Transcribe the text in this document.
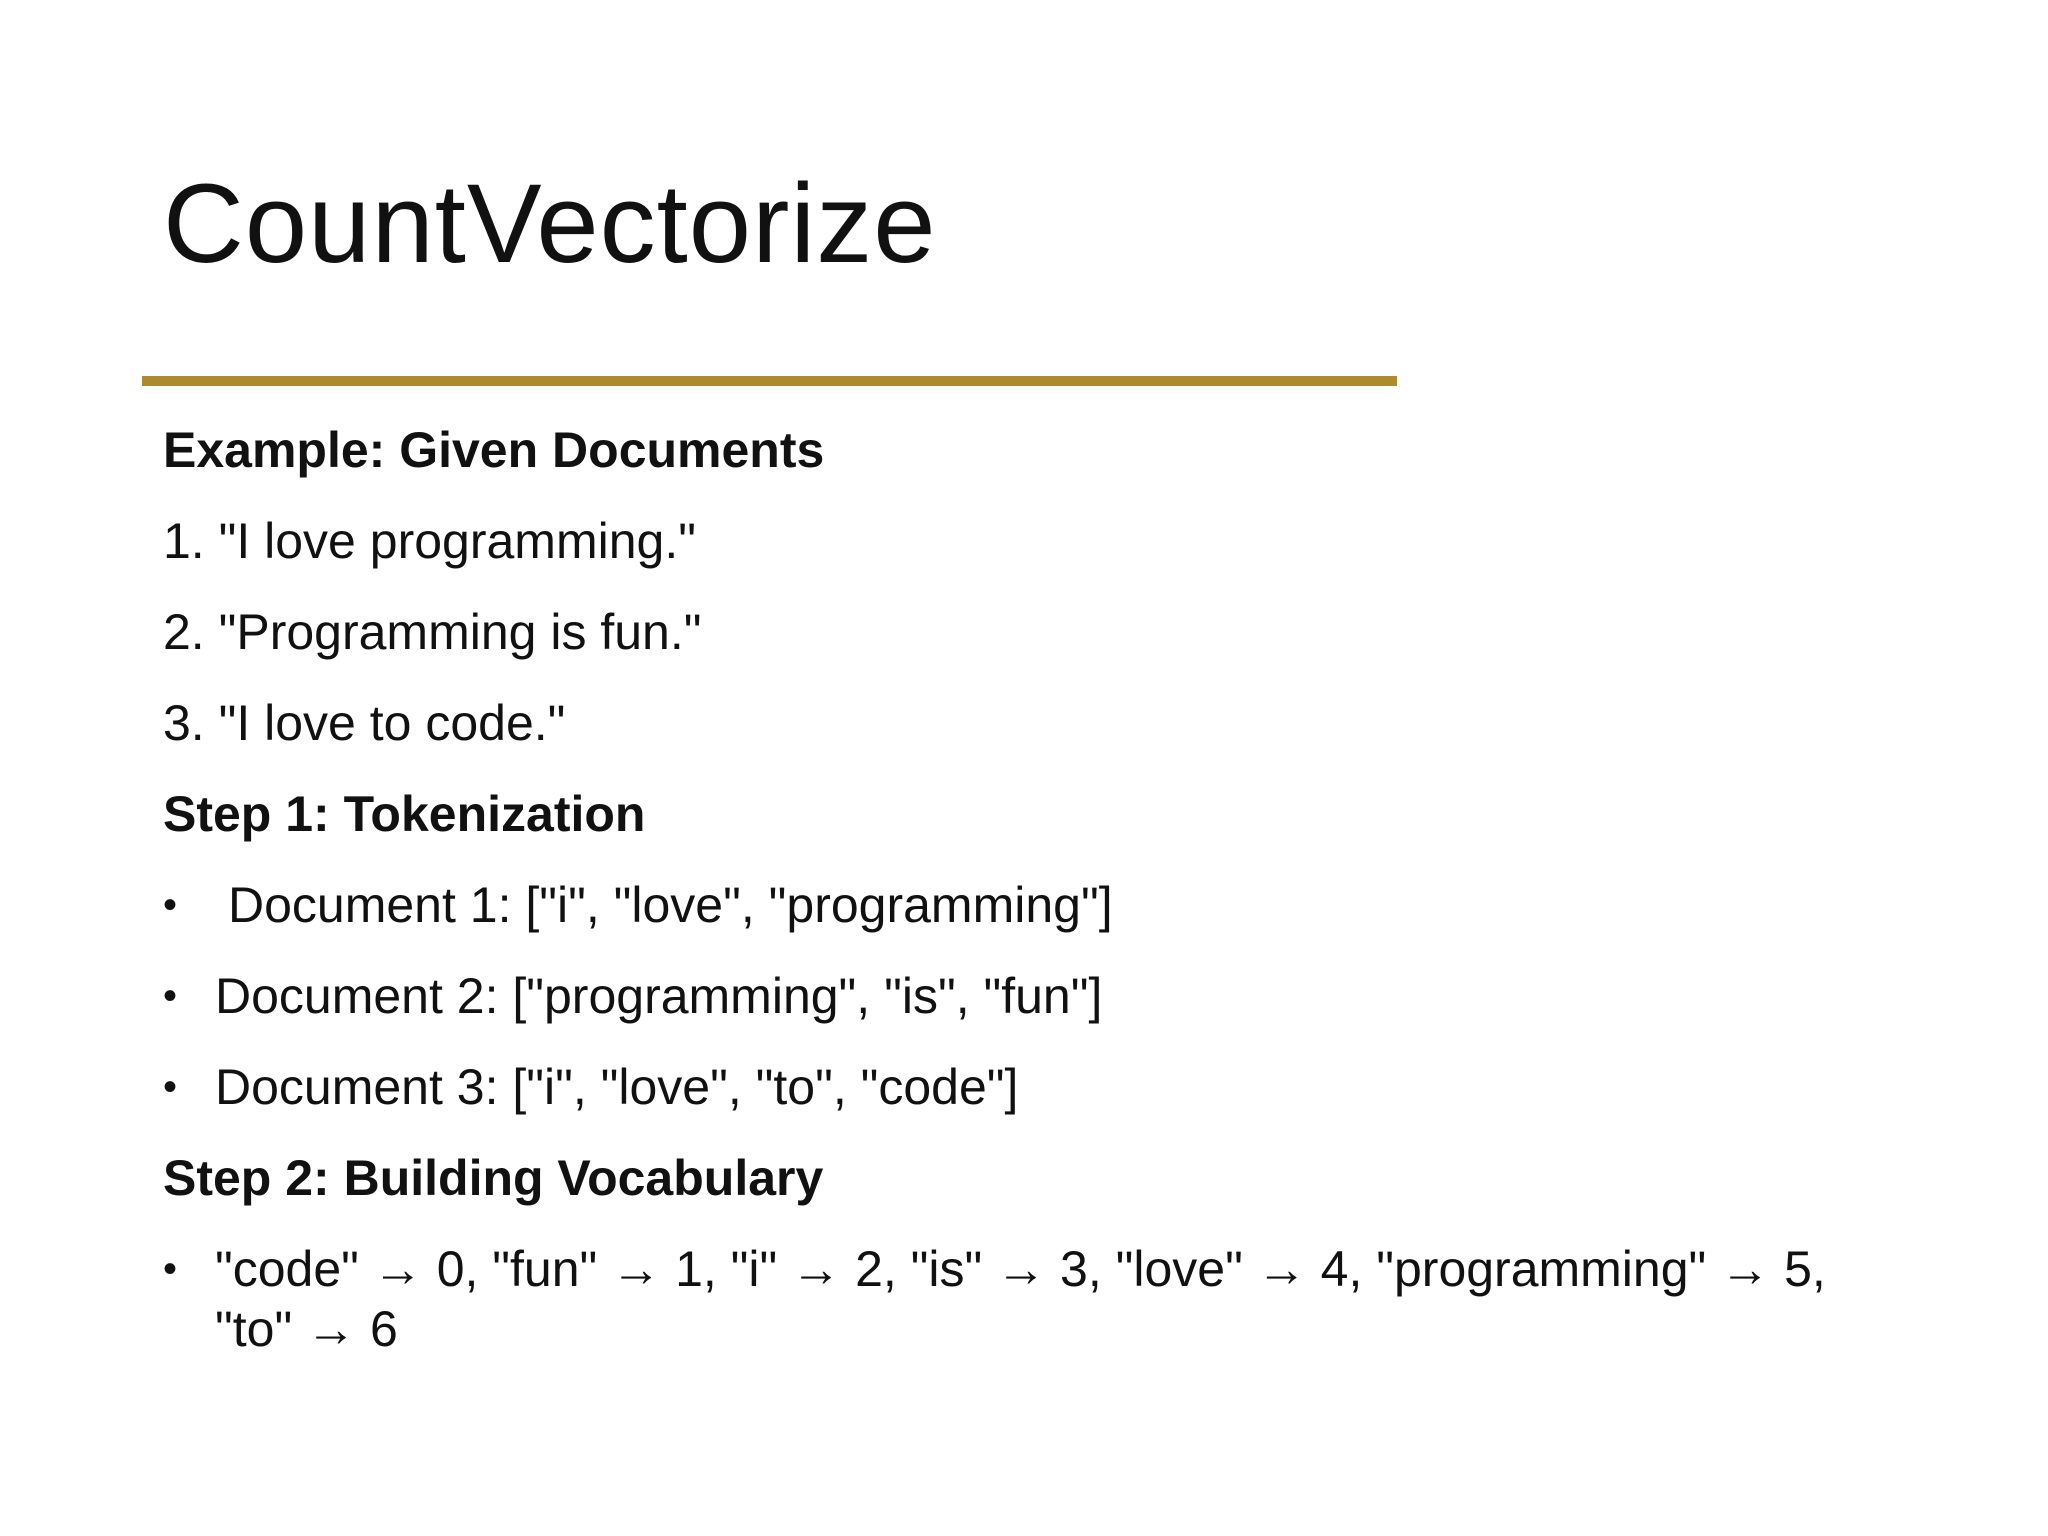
CountVectorize
Example: Given Documents
1. "I love programming."
2. "Programming is fun."
3. "I love to code."
Step 1: Tokenization
•	Document 1: ["i", "love", "programming"]
• Document 2: ["programming", "is", "fun"]
• Document 3: ["i", "love", "to", "code"]
Step 2: Building Vocabulary
• "code" → 0, "fun" → 1, "i" → 2, "is" → 3, "love" → 4, "programming" → 5, "to" → 6
